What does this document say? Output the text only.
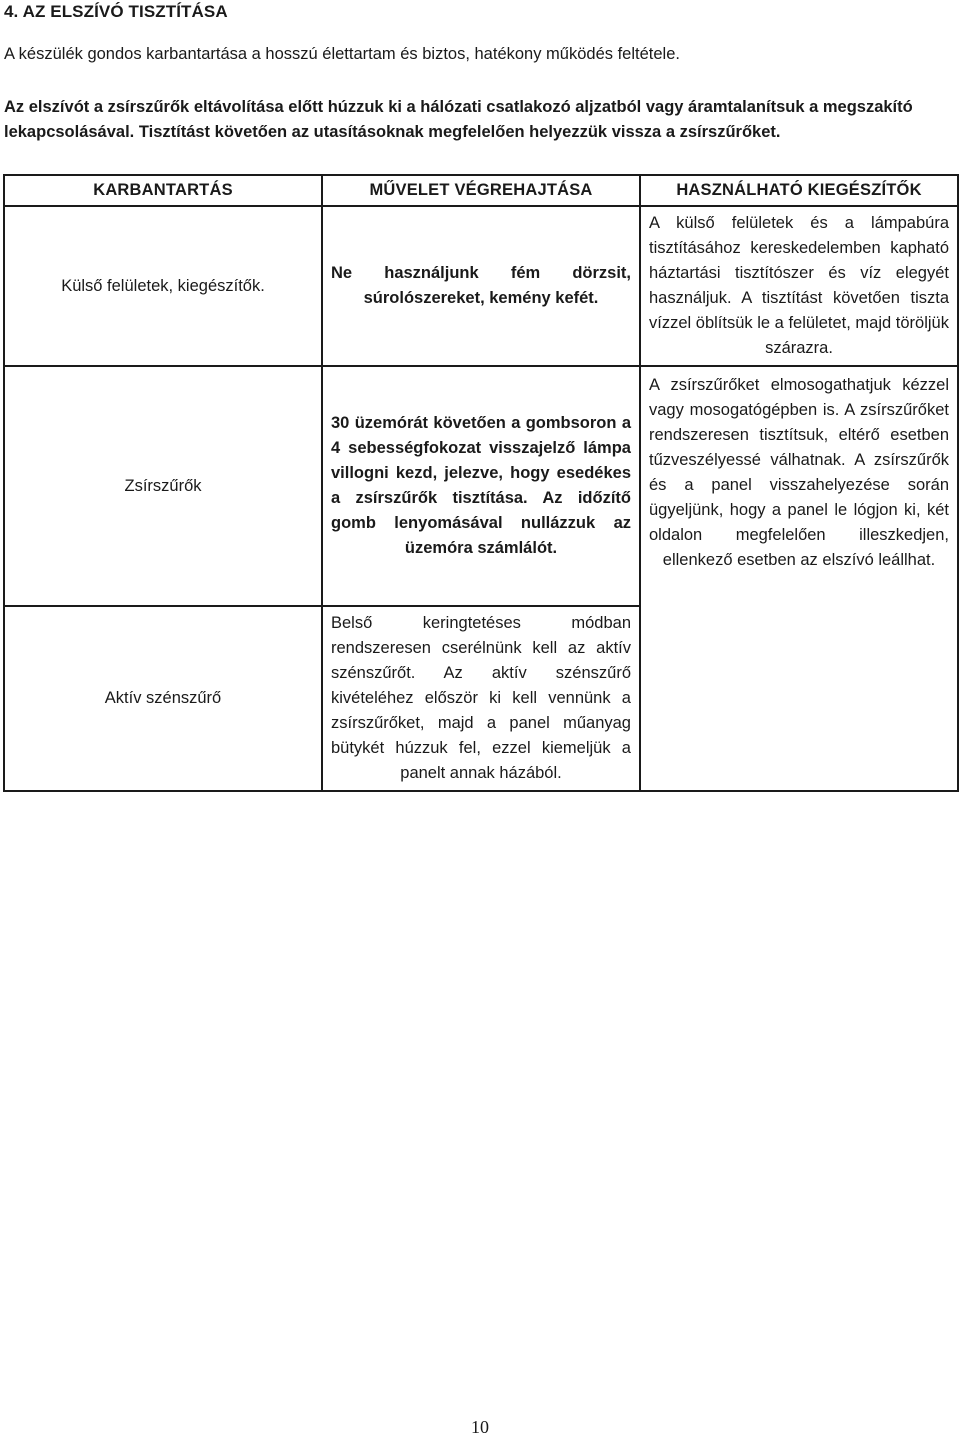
4. AZ ELSZÍVÓ TISZTÍTÁSA
A készülék gondos karbantartása a hosszú élettartam és biztos, hatékony működés feltétele.
Az elszívót a zsírszűrők eltávolítása előtt húzzuk ki a hálózati csatlakozó aljzatból vagy áramtalanítsuk a megszakító lekapcsolásával. Tisztítást követően az utasításoknak megfelelően helyezzük vissza a zsírszűrőket.
KARBANTARTÁS	MŰVELET VÉGREHAJTÁSA	HASZNÁLHATÓ KIEGÉSZÍTŐK
Külső felületek, kiegészítők.	Ne használjunk fém dörzsit, súrolószereket, kemény kefét.	A külső felületek és a lámpabúra tisztításához kereskedelemben kapható háztartási tisztítószer és víz elegyét használjuk. A tisztítást követően tiszta vízzel öblítsük le a felületet, majd töröljük szárazra.
Zsírszűrők	30 üzemórát követően a gombsoron a 4 sebességfokozat visszajelző lámpa villogni kezd, jelezve, hogy esedékes a zsírszűrők tisztítása. Az időzítő gomb lenyomásával nullázzuk az üzemóra számlálót.	A zsírszűrőket elmosogathatjuk kézzel vagy mosogatógépben is. A zsírszűrőket rendszeresen tisztítsuk, eltérő esetben tűzveszélyessé válhatnak. A zsírszűrők és a panel visszahelyezése során ügyeljünk, hogy a panel le lógjon ki, két oldalon megfelelően illeszkedjen, ellenkező esetben az elszívó leállhat.
Aktív szénszűrő	Belső keringtetéses módban rendszeresen cserélnünk kell az aktív szénszűrőt. Az aktív szénszűrő kivételéhez először ki kell vennünk a zsírszűrőket, majd a panel műanyag bütykét húzzuk fel, ezzel kiemeljük a panelt annak házából.	
10
